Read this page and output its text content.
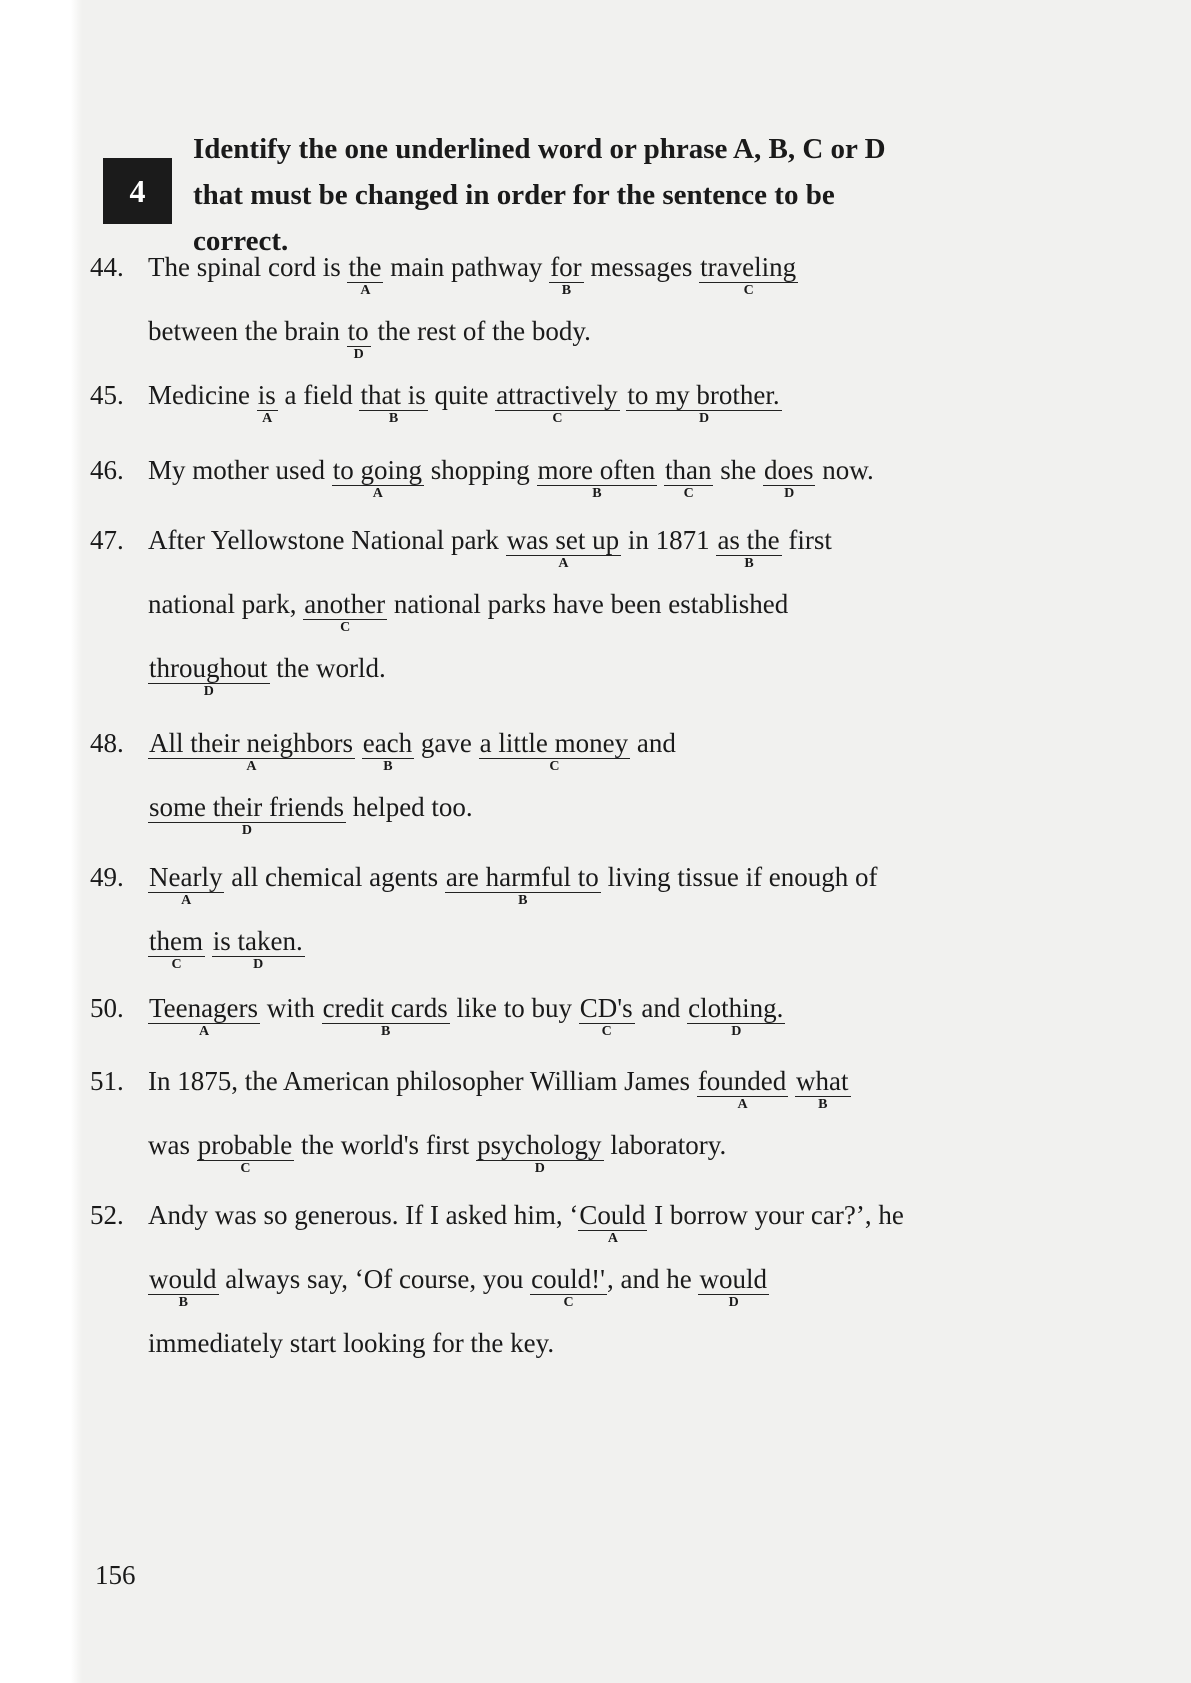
4
Identify the one underlined word or phrase A, B, C or D
that must be changed in order for the sentence to be
correct.
44. The spinal cord is the
A
main pathway for
B
messages traveling
C
between the brain to
D
the rest of the body.
45. Medicine is
A
a field that is
B
quite attractively
C
to my brother.
D
46. My mother used to going
A
shopping more often
B
than
C
she does
D
now.
47. After Yellowstone National park was set up
A
in 1871 as the
B
first
national park, another
C
national parks have been established
throughout
D
the world.
48. All their neighbors
A
each
B
gave a little money
C
and
some their friends
D
helped too.
49. Nearly
A
all chemical agents are harmful to
B
living tissue if enough of
them
C
is taken.
D
50. Teenagers
A
with credit cards
B
like to buy CD's
C
and clothing.
D
51. In 1875, the American philosopher William James founded
A
what
B
was probable
C
the world's first psychology
D
laboratory.
52. Andy was so generous. If I asked him, ‘Could
A
I borrow your car?’, he
would
B
always say, ‘Of course, you could!'
C
, and he would
D
immediately start looking for the key.
156
